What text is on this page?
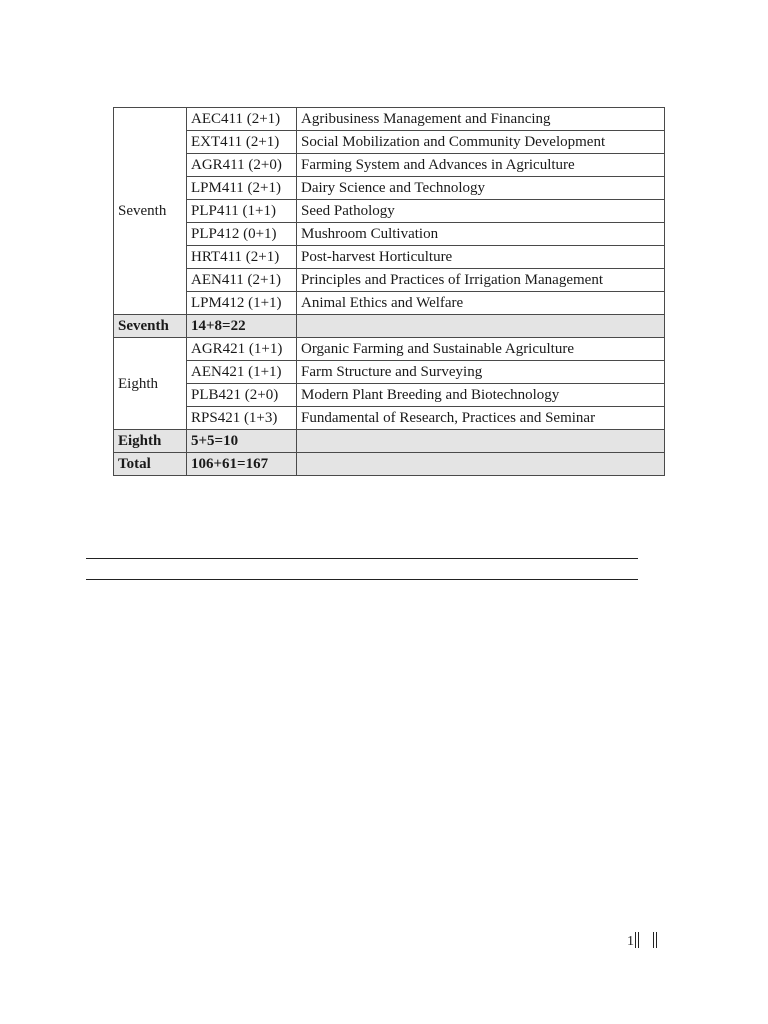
Seventh	AEC411 (2+1)	Agribusiness Management and Financing
	EXT411 (2+1)	Social Mobilization and Community Development
	AGR411 (2+0)	Farming System and Advances in Agriculture
	LPM411 (2+1)	Dairy Science and Technology
	PLP411 (1+1)	Seed Pathology
	PLP412 (0+1)	Mushroom Cultivation
	HRT411 (2+1)	Post-harvest Horticulture
	AEN411 (2+1)	Principles and Practices of Irrigation Management
	LPM412 (1+1)	Animal Ethics and Welfare
Seventh	14+8=22	
Eighth	AGR421 (1+1)	Organic Farming and Sustainable Agriculture
	AEN421 (1+1)	Farm Structure and Surveying
	PLB421 (2+0)	Modern Plant Breeding and Biotechnology
	RPS421 (1+3)	Fundamental of Research, Practices and Seminar
Eighth	5+5=10	
Total	106+61=167	
1
